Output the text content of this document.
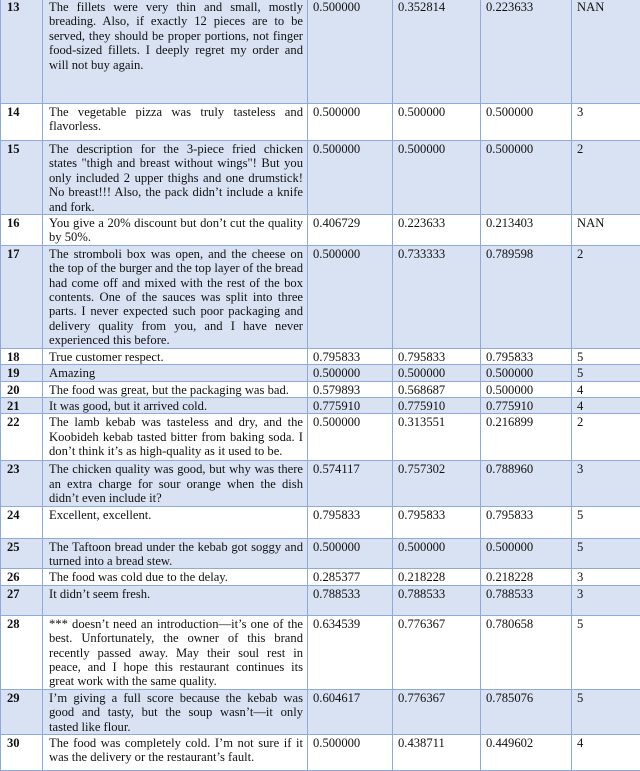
13	The fillets were very thin and small, mostly breading. Also, if exactly 12 pieces are to be served, they should be proper portions, not finger food-sized fillets. I deeply regret my order and will not buy again.	0.500000	0.352814	0.223633	NAN
14	The vegetable pizza was truly tasteless and flavorless.	0.500000	0.500000	0.500000	3
15	The description for the 3-piece fried chicken states "thigh and breast without wings"! But you only included 2 upper thighs and one drumstick! No breast!!! Also, the pack didn’t include a knife and fork.	0.500000	0.500000	0.500000	2
16	You give a 20% discount but don’t cut the quality by 50%.	0.406729	0.223633	0.213403	NAN
17	The stromboli box was open, and the cheese on the top of the burger and the top layer of the bread had come off and mixed with the rest of the box contents. One of the sauces was split into three parts. I never expected such poor packaging and delivery quality from you, and I have never experienced this before.	0.500000	0.733333	0.789598	2
18	True customer respect.	0.795833	0.795833	0.795833	5
19	Amazing	0.500000	0.500000	0.500000	5
20	The food was great, but the packaging was bad.	0.579893	0.568687	0.500000	4
21	It was good, but it arrived cold.	0.775910	0.775910	0.775910	4
22	The lamb kebab was tasteless and dry, and the Koobideh kebab tasted bitter from baking soda. I don’t think it’s as high-quality as it used to be.	0.500000	0.313551	0.216899	2
23	The chicken quality was good, but why was there an extra charge for sour orange when the dish didn’t even include it?	0.574117	0.757302	0.788960	3
24	Excellent, excellent.	0.795833	0.795833	0.795833	5
25	The Taftoon bread under the kebab got soggy and turned into a bread stew.	0.500000	0.500000	0.500000	5
26	The food was cold due to the delay.	0.285377	0.218228	0.218228	3
27	It didn’t seem fresh.	0.788533	0.788533	0.788533	3
28	*** doesn’t need an introduction—it’s one of the best. Unfortunately, the owner of this brand recently passed away. May their soul rest in peace, and I hope this restaurant continues its great work with the same quality.	0.634539	0.776367	0.780658	5
29	I’m giving a full score because the kebab was good and tasty, but the soup wasn’t—it only tasted like flour.	0.604617	0.776367	0.785076	5
30	The food was completely cold. I’m not sure if it was the delivery or the restaurant’s fault.	0.500000	0.438711	0.449602	4
